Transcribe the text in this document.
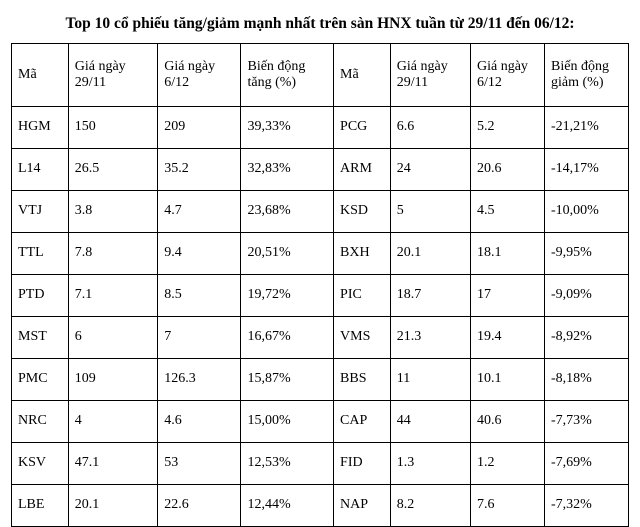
Top 10 cổ phiếu tăng/giảm mạnh nhất trên sàn HNX tuần từ 29/11 đến 06/12:
Mã	Giá ngày 29/11	Giá ngày 6/12	Biến động tăng (%)	Mã	Giá ngày 29/11	Giá ngày 6/12	Biến động giảm (%)
HGM	150	209	39,33%	PCG	6.6	5.2	-21,21%
L14	26.5	35.2	32,83%	ARM	24	20.6	-14,17%
VTJ	3.8	4.7	23,68%	KSD	5	4.5	-10,00%
TTL	7.8	9.4	20,51%	BXH	20.1	18.1	-9,95%
PTD	7.1	8.5	19,72%	PIC	18.7	17	-9,09%
MST	6	7	16,67%	VMS	21.3	19.4	-8,92%
PMC	109	126.3	15,87%	BBS	11	10.1	-8,18%
NRC	4	4.6	15,00%	CAP	44	40.6	-7,73%
KSV	47.1	53	12,53%	FID	1.3	1.2	-7,69%
LBE	20.1	22.6	12,44%	NAP	8.2	7.6	-7,32%
